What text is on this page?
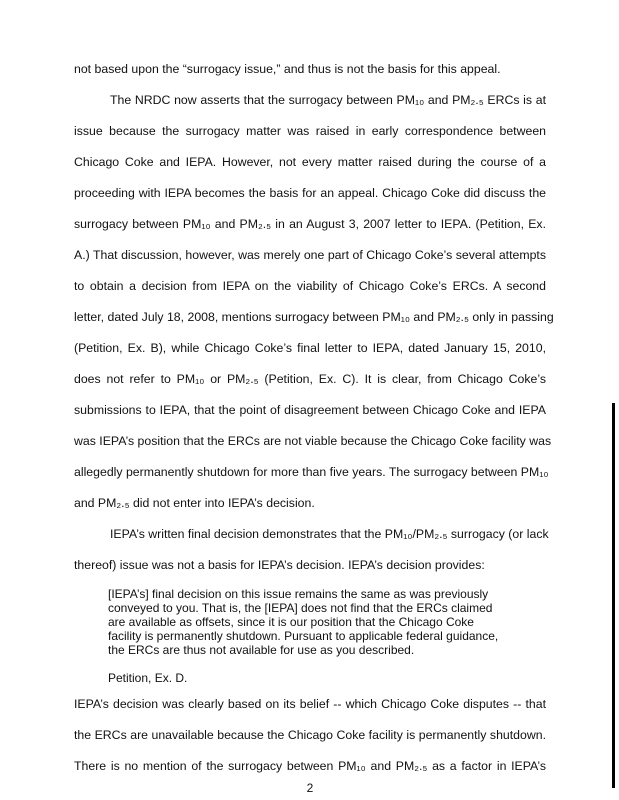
not based upon the “surrogacy issue,” and thus is not the basis for this appeal.

The NRDC now asserts that the surrogacy between PM₁₀ and PM₂.₅ ERCs is at

issue because the surrogacy matter was raised in early correspondence between

Chicago Coke and IEPA. However, not every matter raised during the course of a

proceeding with IEPA becomes the basis for an appeal. Chicago Coke did discuss the

surrogacy between PM₁₀ and PM₂.₅ in an August 3, 2007 letter to IEPA. (Petition, Ex.

A.) That discussion, however, was merely one part of Chicago Coke’s several attempts

to obtain a decision from IEPA on the viability of Chicago Coke’s ERCs. A second

letter, dated July 18, 2008, mentions surrogacy between PM₁₀ and PM₂.₅ only in passing

(Petition, Ex. B), while Chicago Coke’s final letter to IEPA, dated January 15, 2010,

does not refer to PM₁₀ or PM₂.₅ (Petition, Ex. C). It is clear, from Chicago Coke’s

submissions to IEPA, that the point of disagreement between Chicago Coke and IEPA

was IEPA’s position that the ERCs are not viable because the Chicago Coke facility was

allegedly permanently shutdown for more than five years. The surrogacy between PM₁₀

and PM₂.₅ did not enter into IEPA’s decision.

IEPA’s written final decision demonstrates that the PM₁₀/PM₂.₅ surrogacy (or lack

thereof) issue was not a basis for IEPA’s decision. IEPA’s decision provides:

[IEPA’s] final decision on this issue remains the same as was previously

conveyed to you. That is, the [IEPA] does not find that the ERCs claimed

are available as offsets, since it is our position that the Chicago Coke

facility is permanently shutdown. Pursuant to applicable federal guidance,

the ERCs are thus not available for use as you described.

Petition, Ex. D.

IEPA’s decision was clearly based on its belief -- which Chicago Coke disputes -- that

the ERCs are unavailable because the Chicago Coke facility is permanently shutdown.

There is no mention of the surrogacy between PM₁₀ and PM₂.₅ as a factor in IEPA’s

2
